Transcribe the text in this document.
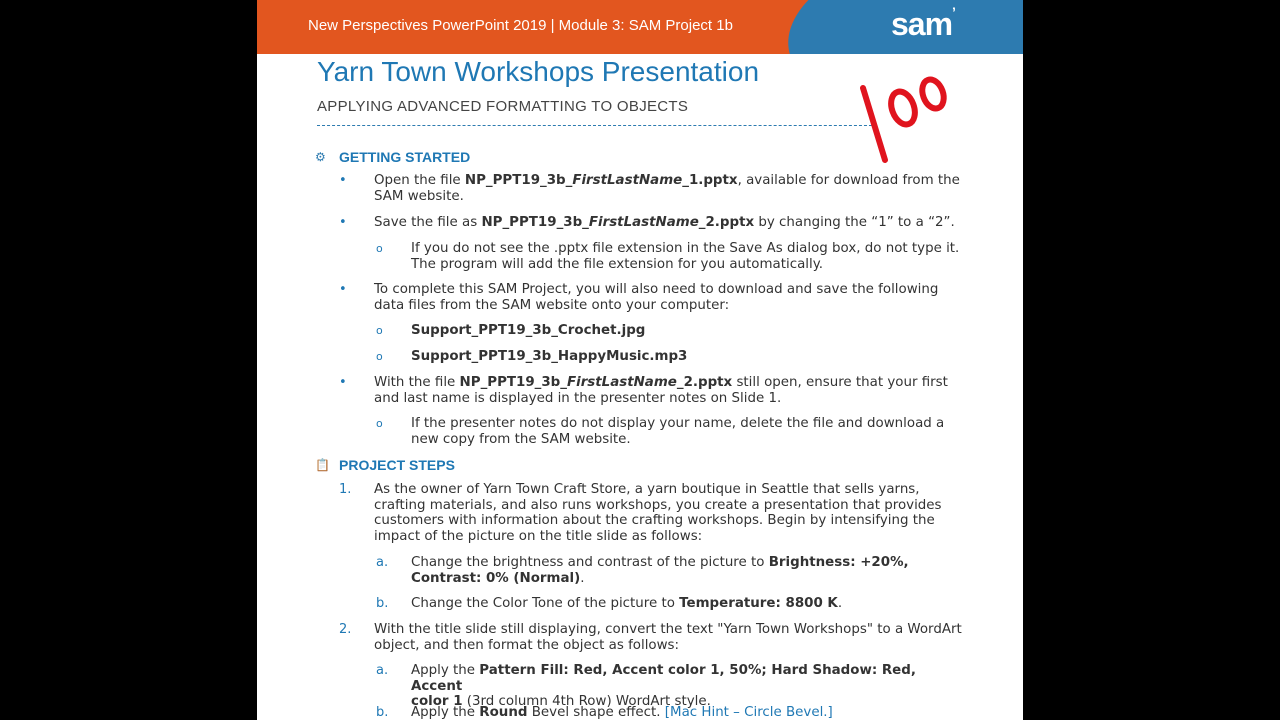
New Perspectives PowerPoint 2019 | Module 3: SAM Project 1b	sam’
Yarn Town Workshops Presentation
APPLYING ADVANCED FORMATTING TO OBJECTS
⚙ GETTING STARTED
• Open the file NP_PPT19_3b_FirstLastName_1.pptx, available for download from the
SAM website.
• Save the file as NP_PPT19_3b_FirstLastName_2.pptx by changing the “1” to a “2”.
o If you do not see the .pptx file extension in the Save As dialog box, do not type it.
The program will add the file extension for you automatically.
• To complete this SAM Project, you will also need to download and save the following
data files from the SAM website onto your computer:
o Support_PPT19_3b_Crochet.jpg
o Support_PPT19_3b_HappyMusic.mp3
• With the file NP_PPT19_3b_FirstLastName_2.pptx still open, ensure that your first
and last name is displayed in the presenter notes on Slide 1.
o If the presenter notes do not display your name, delete the file and download a
new copy from the SAM website.
📋 PROJECT STEPS
1. As the owner of Yarn Town Craft Store, a yarn boutique in Seattle that sells yarns,
crafting materials, and also runs workshops, you create a presentation that provides
customers with information about the crafting workshops. Begin by intensifying the
impact of the picture on the title slide as follows:
a. Change the brightness and contrast of the picture to Brightness: +20%,
Contrast: 0% (Normal).
b. Change the Color Tone of the picture to Temperature: 8800 K.
2. With the title slide still displaying, convert the text "Yarn Town Workshops" to a WordArt
object, and then format the object as follows:
a. Apply the Pattern Fill: Red, Accent color 1, 50%; Hard Shadow: Red, Accent
color 1 (3rd column 4th Row) WordArt style.
b. Apply the Round Bevel shape effect. [Mac Hint – Circle Bevel.]
